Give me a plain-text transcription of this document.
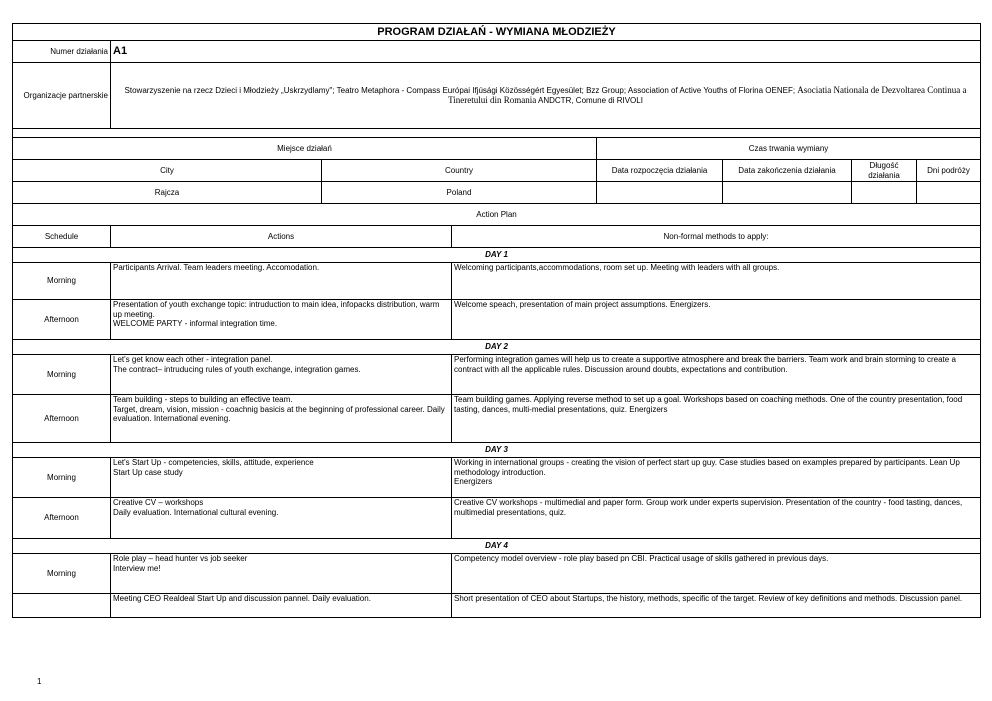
PROGRAM DZIAŁAŃ - WYMIANA MŁODZIEŻY							
Numer działania	A1						
Organizacje partnerskie	Stowarzyszenie na rzecz Dzieci i Młodzieży „Uskrzydlamy"; Teatro Metaphora - Compass Európai Ifjúsági Közösségért Egyesület; Bzz Group; Association of Active Youths of Florina OENEF; Asociatia Nationala de Dezvoltarea Continua a Tineretului din Romania ANDCTR, Comune di RIVOLI						

Miejsce działań				Czas trwania wymiany			
City		Country		Data rozpoczęcia działania	Data zakończenia działania	Długość działania	Dni podróży
Rajcza		Poland					
Action Plan							
Schedule	Actions		Non-formal methods to apply:				
DAY 1							
Morning	Participants Arrival. Team leaders meeting. Accomodation.		Welcoming participants,accommodations, room set up. Meeting with leaders with all groups.				
Afternoon	Presentation of youth exchange topic: intruduction to main idea, infopacks distribution, warm up meeting.
WELCOME PARTY - informal integration time.		Welcome speach, presentation of main project assumptions. Energizers.				
DAY 2							
Morning	Let's get know each other - integration panel.
The contract– intruducing rules of youth exchange, integration games.		Performing integration games will help us to create a supportive atmosphere and break the barriers. Team work and brain storming to create a contract with all the applicable rules. Discussion around doubts, expectations and contribution.				
Afternoon	Team building - steps to building an effective team.
Target, dream, vision, mission - coachnig basicis at the beginning of professional career. Daily evaluation. International evening.		Team building games. Applying reverse method to set up a goal. Workshops based on coaching methods. One of the country presentation, food tasting, dances, multi-medial presentations, quiz. Energizers				
DAY 3							
Morning	Let's Start Up - competencies, skills, attitude, experience
Start Up case study		Working in international groups - creating the vision of perfect start up guy. Case studies based on examples prepared by participants. Lean Up methodology introduction.
Energizers				
Afternoon	Creative CV – workshops
Daily evaluation. International cultural evening.		Creative CV workshops - multimedial and paper form. Group work under experts supervision. Presentation of the country - food tasting, dances, multimedial presentations, quiz.				
DAY 4							
Morning	Role play – head hunter vs job seeker
Interview me!		Competency model overview - role play based pn CBI. Practical usage of skills gathered in previous days.				
	Meeting CEO Realdeal Start Up and discussion pannel. Daily evaluation.		Short presentation of CEO about Startups, the history, methods, specific of the target. Review of key definitions and methods. Discussion panel.				
1
